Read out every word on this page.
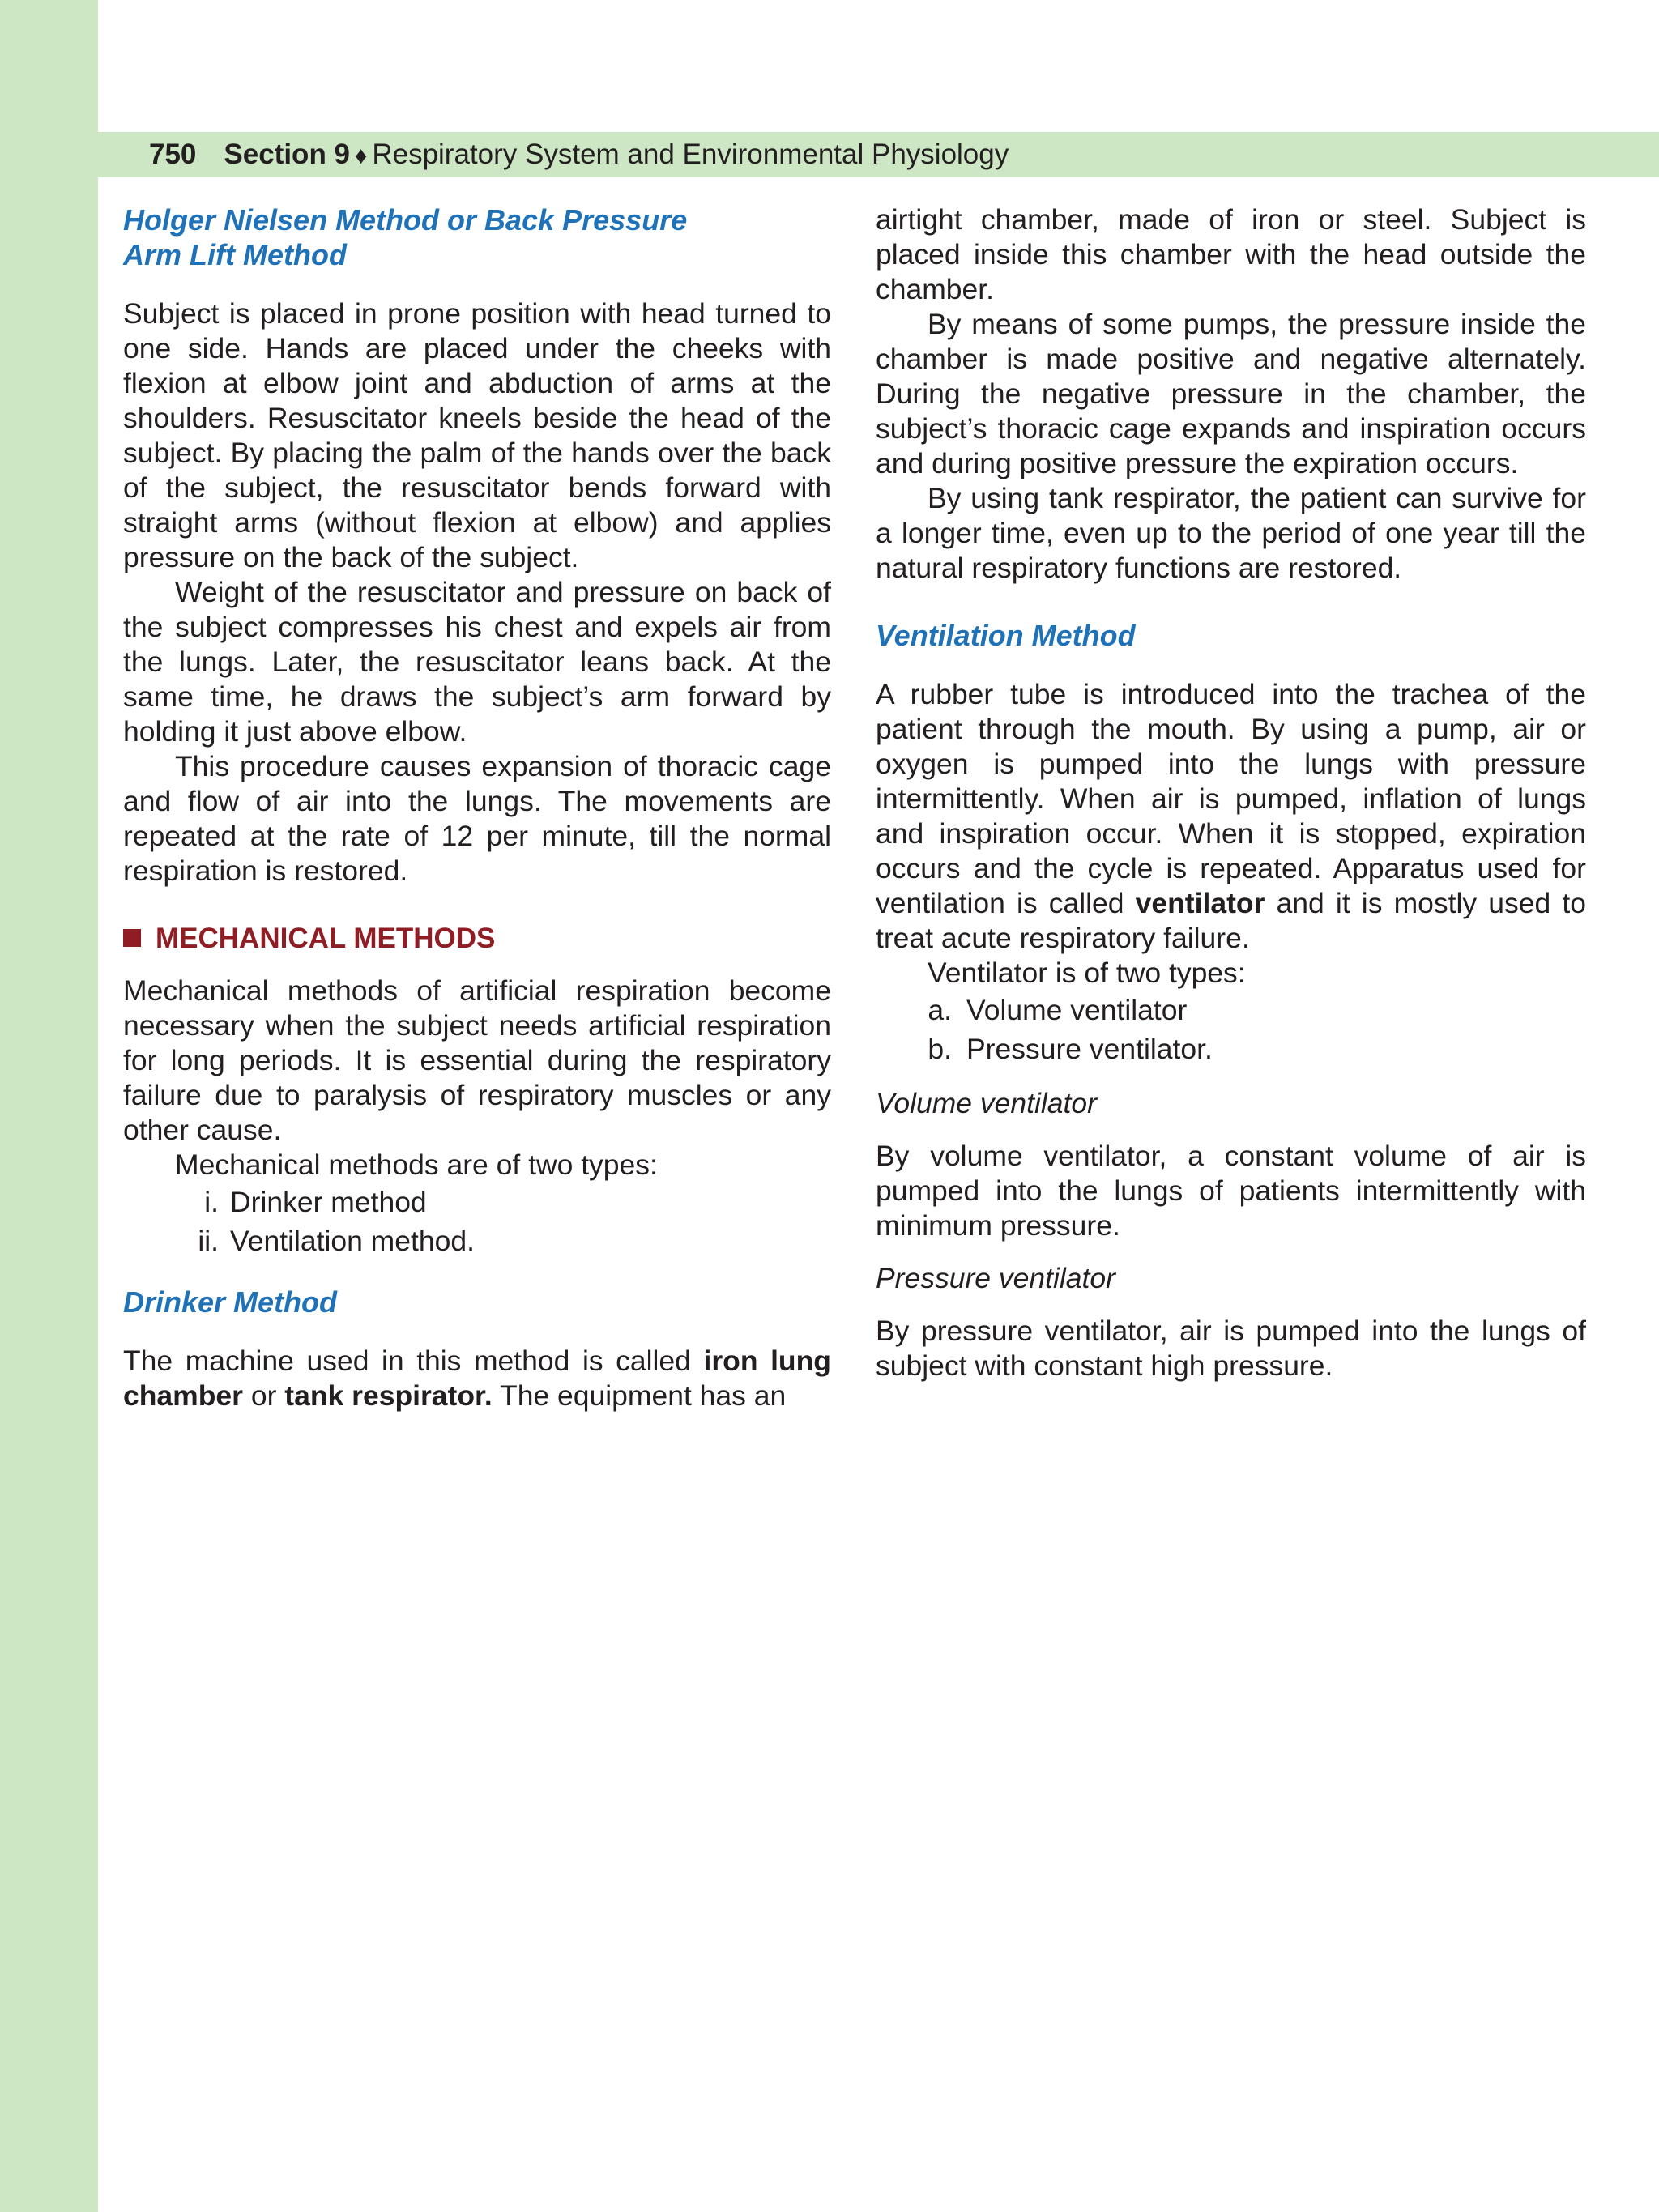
750 Section 9 ♦ Respiratory System and Environmental Physiology
Holger Nielsen Method or Back Pressure
Arm Lift Method

Subject is placed in prone position with head turned to one side. Hands are placed under the cheeks with flexion at elbow joint and abduction of arms at the shoulders. Resuscitator kneels beside the head of the subject. By placing the palm of the hands over the back of the subject, the resuscitator bends forward with straight arms (without flexion at elbow) and applies pressure on the back of the subject.

Weight of the resuscitator and pressure on back of the subject compresses his chest and expels air from the lungs. Later, the resuscitator leans back. At the same time, he draws the subject’s arm forward by holding it just above elbow.

This procedure causes expansion of thoracic cage and flow of air into the lungs. The movements are repeated at the rate of 12 per minute, till the normal respiration is restored.

MECHANICAL METHODS

Mechanical methods of artificial respiration become necessary when the subject needs artificial respiration for long periods. It is essential during the respiratory failure due to paralysis of respiratory muscles or any other cause.

Mechanical methods are of two types:

i. Drinker method
ii. Ventilation method.
Drinker Method

The machine used in this method is called iron lung chamber or tank respirator. The equipment has an

airtight chamber, made of iron or steel. Subject is placed inside this chamber with the head outside the chamber.

By means of some pumps, the pressure inside the chamber is made positive and negative alternately. During the negative pressure in the chamber, the subject’s thoracic cage expands and inspiration occurs and during positive pressure the expiration occurs.

By using tank respirator, the patient can survive for a longer time, even up to the period of one year till the natural respiratory functions are restored.

Ventilation Method

A rubber tube is introduced into the trachea of the patient through the mouth. By using a pump, air or oxygen is pumped into the lungs with pressure intermittently. When air is pumped, inflation of lungs and inspiration occur. When it is stopped, expiration occurs and the cycle is repeated. Apparatus used for ventilation is called ventilator and it is mostly used to treat acute respiratory failure.

Ventilator is of two types:

a. Volume ventilator
b. Pressure ventilator.
Volume ventilator

By volume ventilator, a constant volume of air is pumped into the lungs of patients intermittently with minimum pressure.

Pressure ventilator

By pressure ventilator, air is pumped into the lungs of subject with constant high pressure.
